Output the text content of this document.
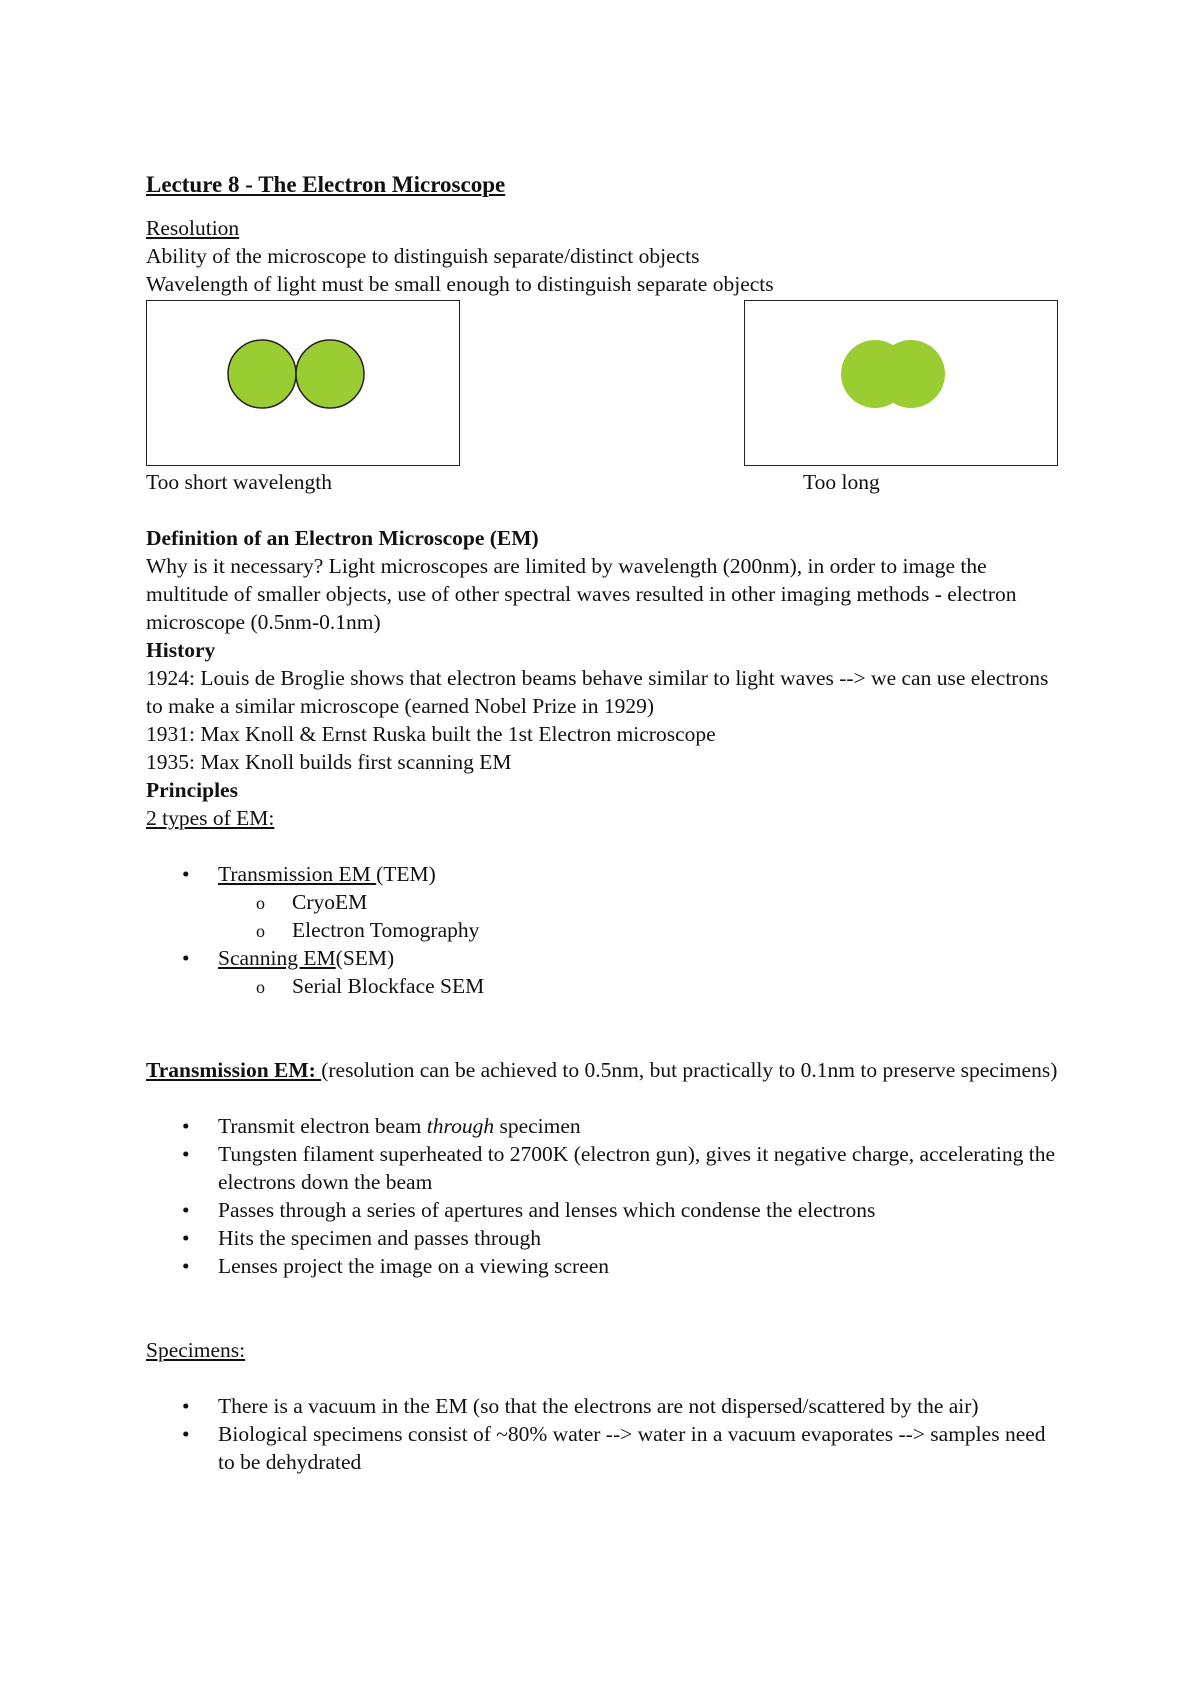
Lecture 8 - The Electron Microscope

Resolution

Ability of the microscope to distinguish separate/distinct objects

Wavelength of light must be small enough to distinguish separate objects

Too short wavelength	Too long

Definition of an Electron Microscope (EM)

Why is it necessary? Light microscopes are limited by wavelength (200nm), in order to image the multitude of smaller objects, use of other spectral waves resulted in other imaging methods - electron microscope (0.5nm-0.1nm)

History

1924: Louis de Broglie shows that electron beams behave similar to light waves --> we can use electrons to make a similar microscope (earned Nobel Prize in 1929)

1931: Max Knoll & Ernst Ruska built the 1st Electron microscope

1935: Max Knoll builds first scanning EM

Principles

2 types of EM:

• Transmission EM (TEM)
o CryoEM
o Electron Tomography
• Scanning EM(SEM)
o Serial Blockface SEM

Transmission EM: (resolution can be achieved to 0.5nm, but practically to 0.1nm to preserve specimens)

• Transmit electron beam through specimen
• Tungsten filament superheated to 2700K (electron gun), gives it negative charge, accelerating the electrons down the beam
• Passes through a series of apertures and lenses which condense the electrons
• Hits the specimen and passes through
• Lenses project the image on a viewing screen

Specimens:

• There is a vacuum in the EM (so that the electrons are not dispersed/scattered by the air)
• Biological specimens consist of ~80% water --> water in a vacuum evaporates --> samples need to be dehydrated
